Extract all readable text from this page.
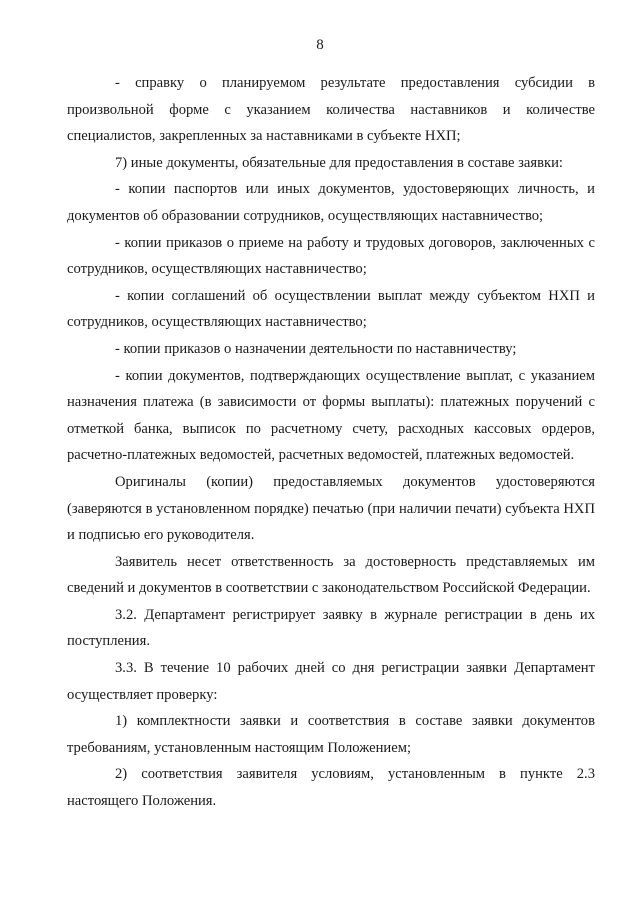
8

- справку о планируемом результате предоставления субсидии в произвольной форме с указанием количества наставников и количестве специалистов, закрепленных за наставниками в субъекте НХП;

7) иные документы, обязательные для предоставления в составе заявки:

- копии паспортов или иных документов, удостоверяющих личность, и документов об образовании сотрудников, осуществляющих наставничество;

- копии приказов о приеме на работу и трудовых договоров, заключенных с сотрудников, осуществляющих наставничество;

- копии соглашений об осуществлении выплат между субъектом НХП и сотрудников, осуществляющих наставничество;

- копии приказов о назначении деятельности по наставничеству;

- копии документов, подтверждающих осуществление выплат, с указанием назначения платежа (в зависимости от формы выплаты): платежных поручений с отметкой банка, выписок по расчетному счету, расходных кассовых ордеров, расчетно-платежных ведомостей, расчетных ведомостей, платежных ведомостей.

Оригиналы (копии) предоставляемых документов удостоверяются (заверяются в установленном порядке) печатью (при наличии печати) субъекта НХП и подписью его руководителя.

Заявитель несет ответственность за достоверность представляемых им сведений и документов в соответствии с законодательством Российской Федерации.

3.2. Департамент регистрирует заявку в журнале регистрации в день их поступления.

3.3. В течение 10 рабочих дней со дня регистрации заявки Департамент осуществляет проверку:

1) комплектности заявки и соответствия в составе заявки документов требованиям, установленным настоящим Положением;

2) соответствия заявителя условиям, установленным в пункте 2.3 настоящего Положения.
